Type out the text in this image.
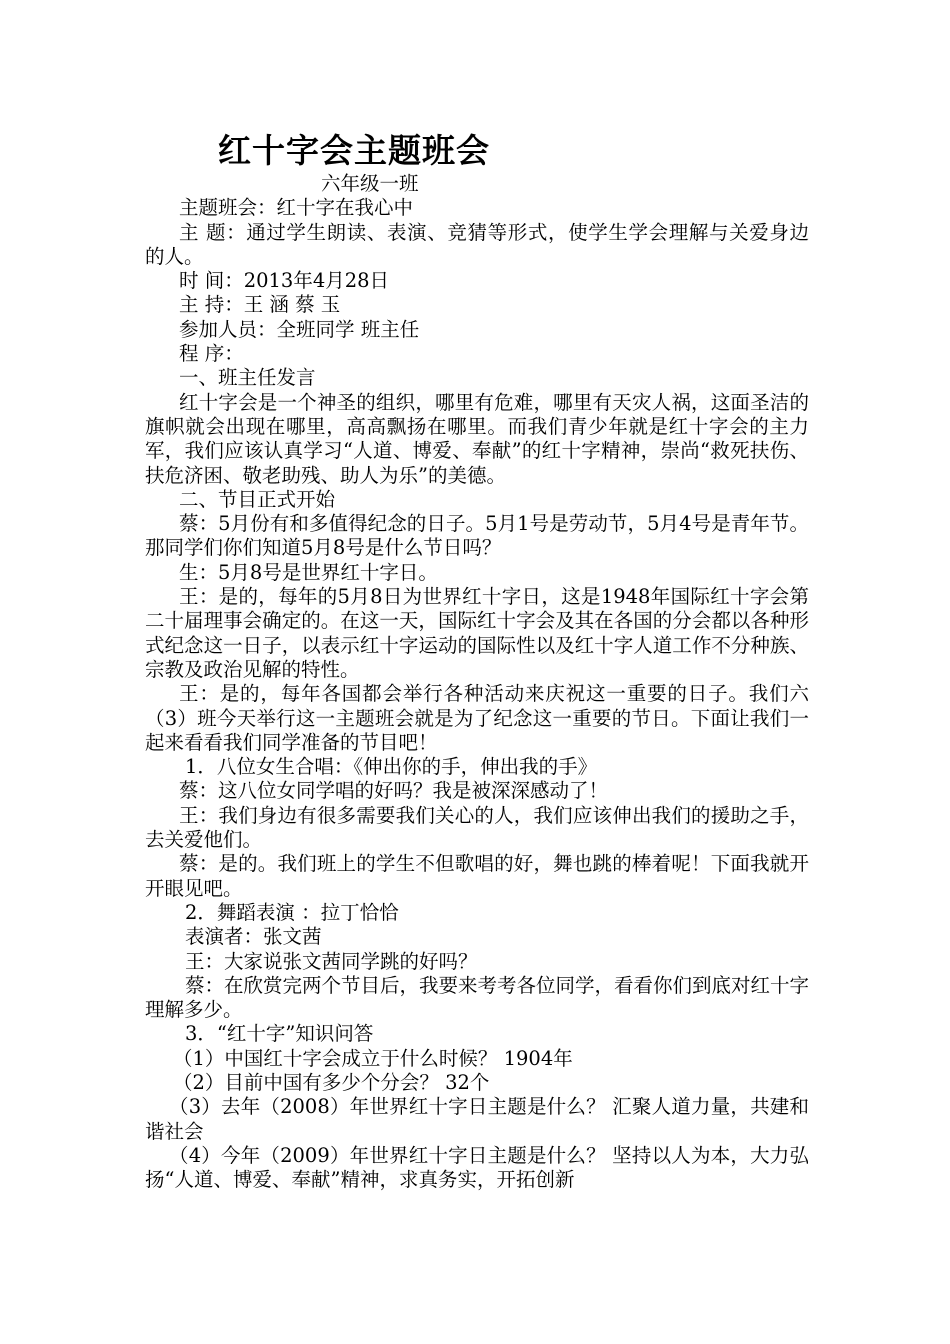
红十字会主题班会

六年级一班

主题班会：红十字在我心中

主 题：通过学生朗读、表演、竞猜等形式，使学生学会理解与关爱身边的人。

时 间：2013年4月28日

主 持：王 涵 蔡 玉

参加人员：全班同学 班主任

程 序：

一、班主任发言

红十字会是一个神圣的组织，哪里有危难，哪里有天灾人祸，这面圣洁的旗帜就会出现在哪里，高高飘扬在哪里。而我们青少年就是红十字会的主力军，我们应该认真学习“人道、博爱、奉献”的红十字精神，崇尚“救死扶伤、扶危济困、敬老助残、助人为乐”的美德。

二、节目正式开始

蔡：5月份有和多值得纪念的日子。5月1号是劳动节，5月4号是青年节。那同学们你们知道5月8号是什么节日吗？

生：5月8号是世界红十字日。

王：是的，每年的5月8日为世界红十字日，这是1948年国际红十字会第二十届理事会确定的。在这一天，国际红十字会及其在各国的分会都以各种形式纪念这一日子，以表示红十字运动的国际性以及红十字人道工作不分种族、宗教及政治见解的特性。

王：是的，每年各国都会举行各种活动来庆祝这一重要的日子。我们六（3）班今天举行这一主题班会就是为了纪念这一重要的节日。下面让我们一起来看看我们同学准备的节目吧！

1．八位女生合唱：《伸出你的手，伸出我的手》

蔡：这八位女同学唱的好吗？我是被深深感动了！

王：我们身边有很多需要我们关心的人，我们应该伸出我们的援助之手，去关爱他们。

蔡：是的。我们班上的学生不但歌唱的好，舞也跳的棒着呢！下面我就开开眼见吧。

2．舞蹈表演 ：拉丁恰恰

表演者：张文茜

王：大家说张文茜同学跳的好吗？

蔡：在欣赏完两个节目后，我要来考考各位同学，看看你们到底对红十字理解多少。

3．“红十字”知识问答

（1）中国红十字会成立于什么时候？ 1904年

（2）目前中国有多少个分会？ 32个

（3）去年（2008）年世界红十字日主题是什么？ 汇聚人道力量，共建和谐社会

（4）今年（2009）年世界红十字日主题是什么？ 坚持以人为本，大力弘扬“人道、博爱、奉献”精神，求真务实，开拓创新
